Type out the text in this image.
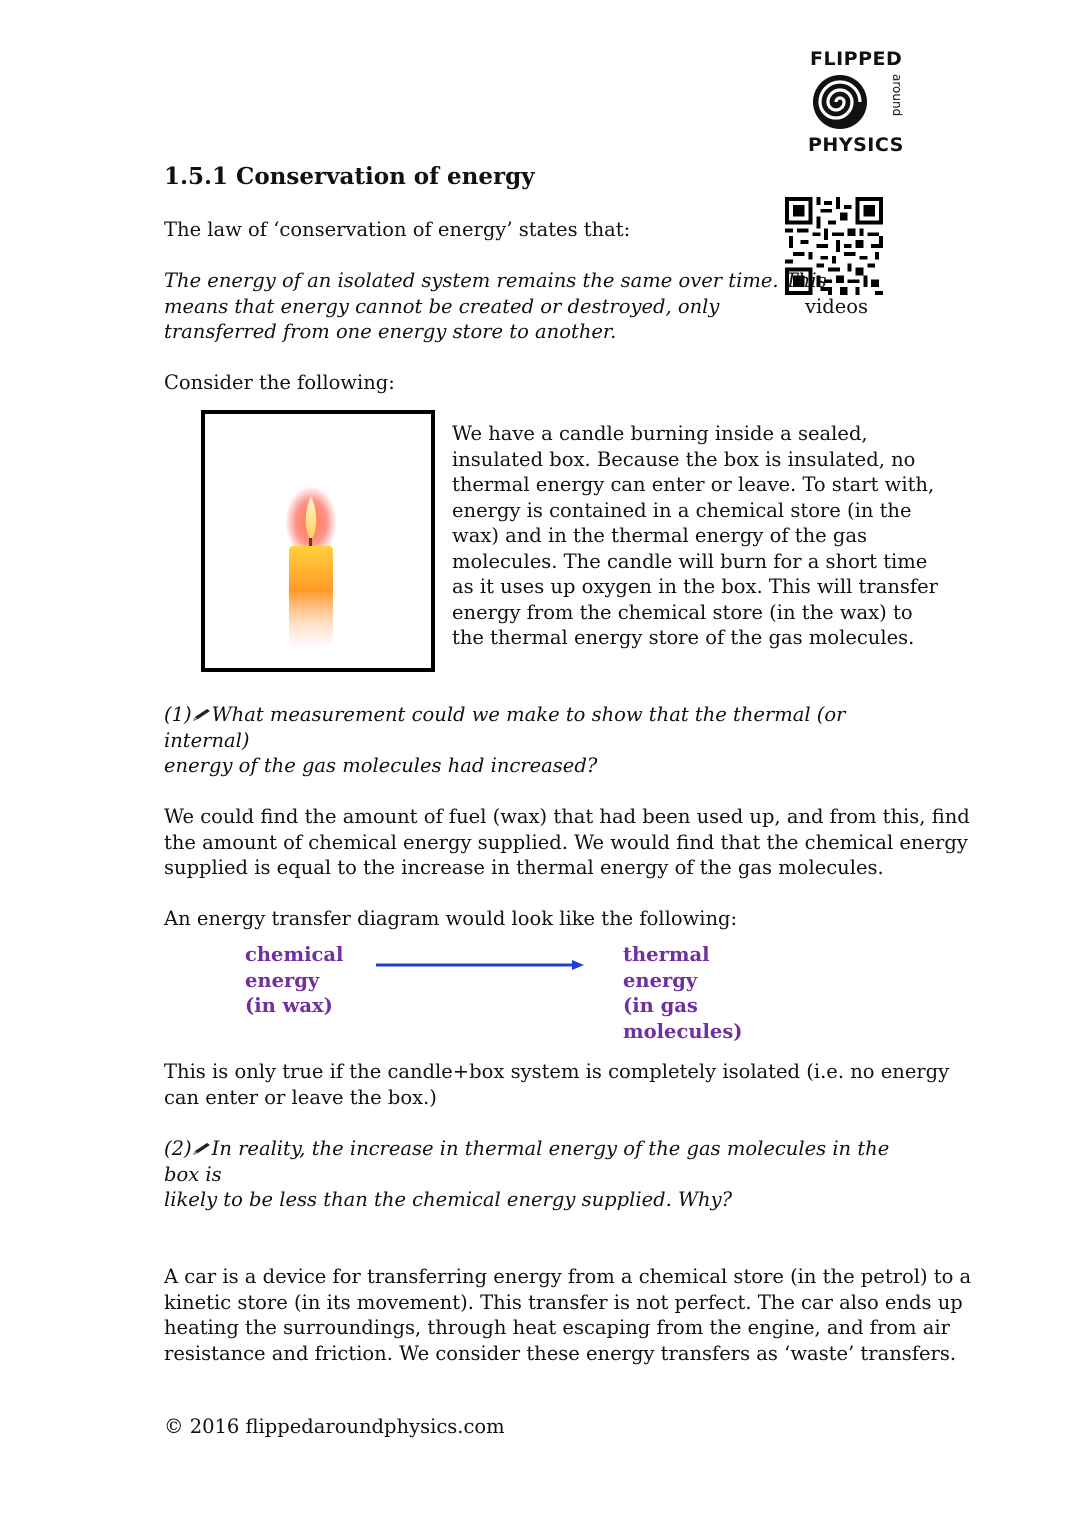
FLIPPED
around
PHYSICS
1.5.1 Conservation of energy
videos
The law of ‘conservation of energy’ states that:
The energy of an isolated system remains the same over time. This
means that energy cannot be created or destroyed, only
transferred from one energy store to another.
Consider the following:
We have a candle burning inside a sealed,
insulated box. Because the box is insulated, no
thermal energy can enter or leave. To start with,
energy is contained in a chemical store (in the
wax) and in the thermal energy of the gas
molecules. The candle will burn for a short time
as it uses up oxygen in the box. This will transfer
energy from the chemical store (in the wax) to
the thermal energy store of the gas molecules.
(1) What measurement could we make to show that the thermal (or internal)
energy of the gas molecules had increased?
We could find the amount of fuel (wax) that had been used up, and from this, find
the amount of chemical energy supplied. We would find that the chemical energy
supplied is equal to the increase in thermal energy of the gas molecules.
An energy transfer diagram would look like the following:
chemical
energy
(in wax)
thermal
energy
(in gas
molecules)
This is only true if the candle+box system is completely isolated (i.e. no energy
can enter or leave the box.)
(2) In reality, the increase in thermal energy of the gas molecules in the box is
likely to be less than the chemical energy supplied. Why?
A car is a device for transferring energy from a chemical store (in the petrol) to a
kinetic store (in its movement). This transfer is not perfect. The car also ends up
heating the surroundings, through heat escaping from the engine, and from air
resistance and friction. We consider these energy transfers as ‘waste’ transfers.
© 2016 flippedaroundphysics.com
